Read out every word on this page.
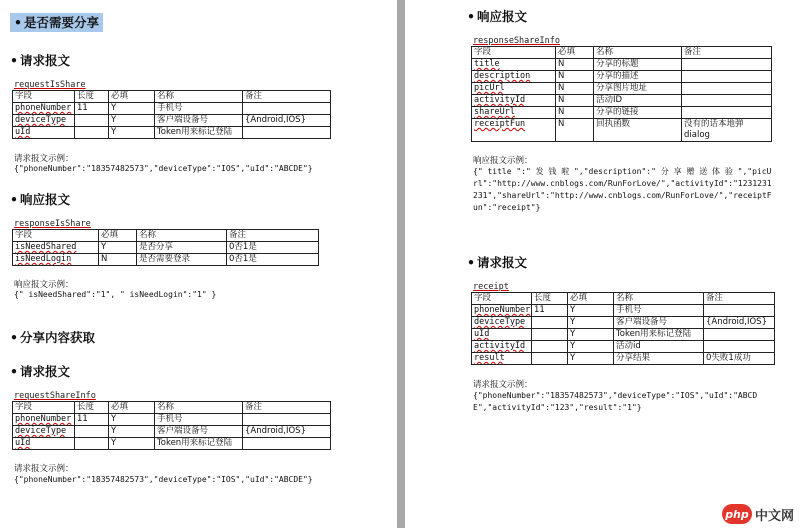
• 是否需要分享
• 请求报文
requestIsShare
字段	长度	必填	名称	备注
phoneNumber	11	Y	手机号	
deviceType		Y	客户端设备号	{Android,IOS}
uId		Y	Token用来标记登陆	
请求报文示例：
{"phoneNumber":"18357482573","deviceType":"IOS","uId":"ABCDE"}
• 响应报文
responseIsShare
字段	必填	名称	备注
isNeedShared	Y	是否分享	0否1是
isNeedLogin	N	是否需要登录	0否1是
响应报文示例：
{" isNeedShared":"1", " isNeedLogin":"1" }
• 分享内容获取
• 请求报文
requestShareInfo
字段	长度	必填	名称	备注
phoneNumber	11	Y	手机号	
deviceType		Y	客户端设备号	{Android,IOS}
uId		Y	Token用来标记登陆	
请求报文示例：
{"phoneNumber":"18357482573","deviceType":"IOS","uId":"ABCDE"}
• 响应报文
responseShareInfo
字段	必填	名称	备注
title	N	分享的标题	
description	N	分享的描述	
picUrl	N	分享图片地址	
activityId	N	活动ID	
shareUrl	N	分享的链接	
receiptFun	N	回执函数	没有的话本地弹dialog
响应报文示例：
{" title ":" 发 钱 啦 ","description":" 分 享 赠 送 体 验 ","picUrl":"http://www.cnblogs.com/RunForLove/","activityId":"1231231231","shareUrl":"http://www.cnblogs.com/RunForLove/","receiptFun":"receipt"}
• 请求报文
receipt
字段	长度	必填	名称	备注
phoneNumber	11	Y	手机号	
deviceType		Y	客户端设备号	{Android,IOS}
uId		Y	Token用来标记登陆	
activityId		Y	活动id	
result		Y	分享结果	0失败1成功
请求报文示例：
{"phoneNumber":"18357482573","deviceType":"IOS","uId":"ABCDE","activityId":"123","result":"1"}
php 中文网
